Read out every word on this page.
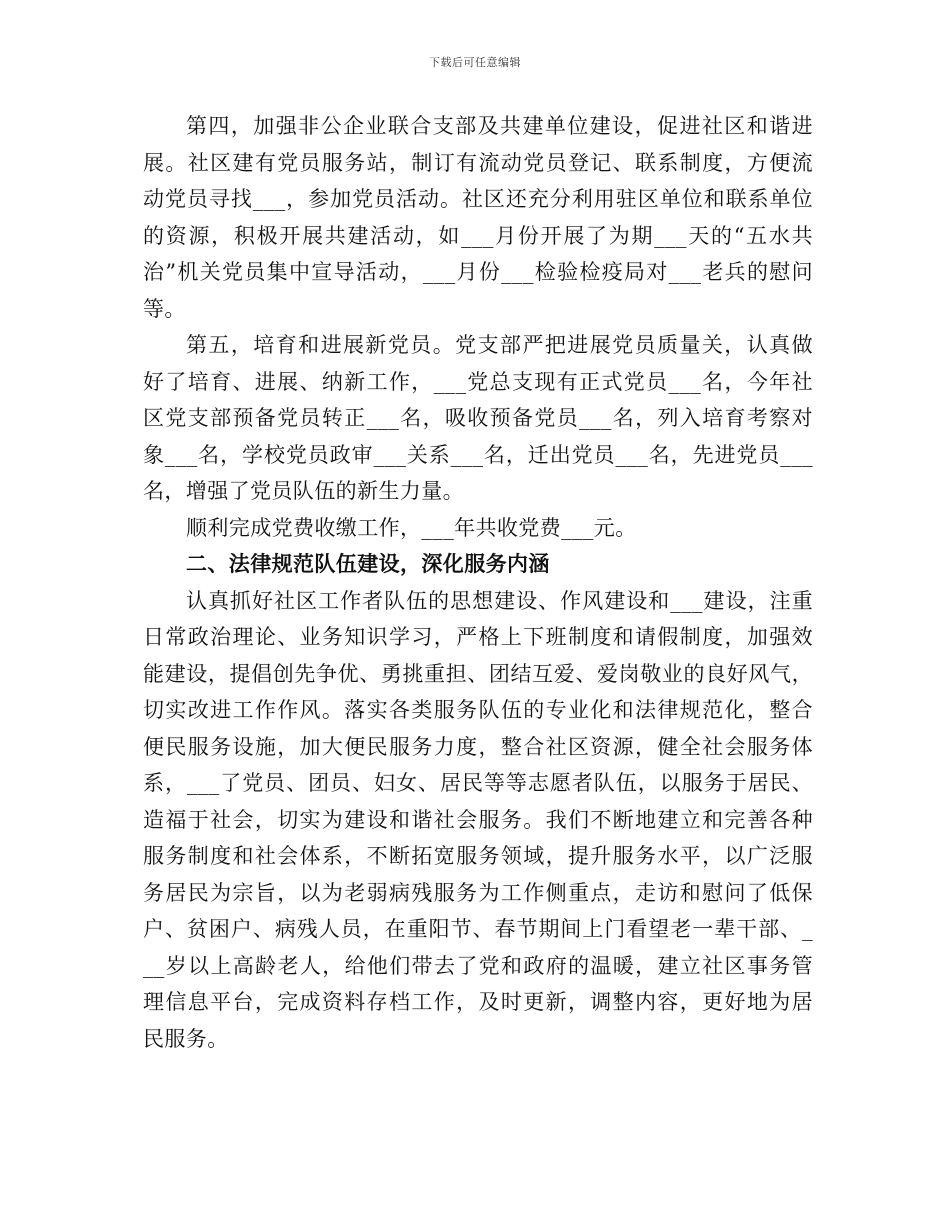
下载后可任意编辑
第四，加强非公企业联合支部及共建单位建设，促进社区和谐进
展。社区建有党员服务站，制订有流动党员登记、联系制度，方便流
动党员寻找___，参加党员活动。社区还充分利用驻区单位和联系单位
的资源，积极开展共建活动，如___月份开展了为期___天的“五水共
治”机关党员集中宣导活动，___月份___检验检疫局对___老兵的慰问
等。
第五，培育和进展新党员。党支部严把进展党员质量关，认真做
好了培育、进展、纳新工作，___党总支现有正式党员___名，今年社
区党支部预备党员转正___名，吸收预备党员___名，列入培育考察对
象___名，学校党员政审___关系___名，迁出党员___名，先进党员___
名，增强了党员队伍的新生力量。
顺利完成党费收缴工作，___年共收党费___元。
二、法律规范队伍建设，深化服务内涵
认真抓好社区工作者队伍的思想建设、作风建设和___建设，注重
日常政治理论、业务知识学习，严格上下班制度和请假制度，加强效
能建设，提倡创先争优、勇挑重担、团结互爱、爱岗敬业的良好风气，
切实改进工作作风。落实各类服务队伍的专业化和法律规范化，整合
便民服务设施，加大便民服务力度，整合社区资源，健全社会服务体
系，___了党员、团员、妇女、居民等等志愿者队伍，以服务于居民、
造福于社会，切实为建设和谐社会服务。我们不断地建立和完善各种
服务制度和社会体系，不断拓宽服务领域，提升服务水平，以广泛服
务居民为宗旨，以为老弱病残服务为工作侧重点，走访和慰问了低保
户、贫困户、病残人员，在重阳节、春节期间上门看望老一辈干部、_
__岁以上高龄老人，给他们带去了党和政府的温暖，建立社区事务管
理信息平台，完成资料存档工作，及时更新，调整内容，更好地为居
民服务。
